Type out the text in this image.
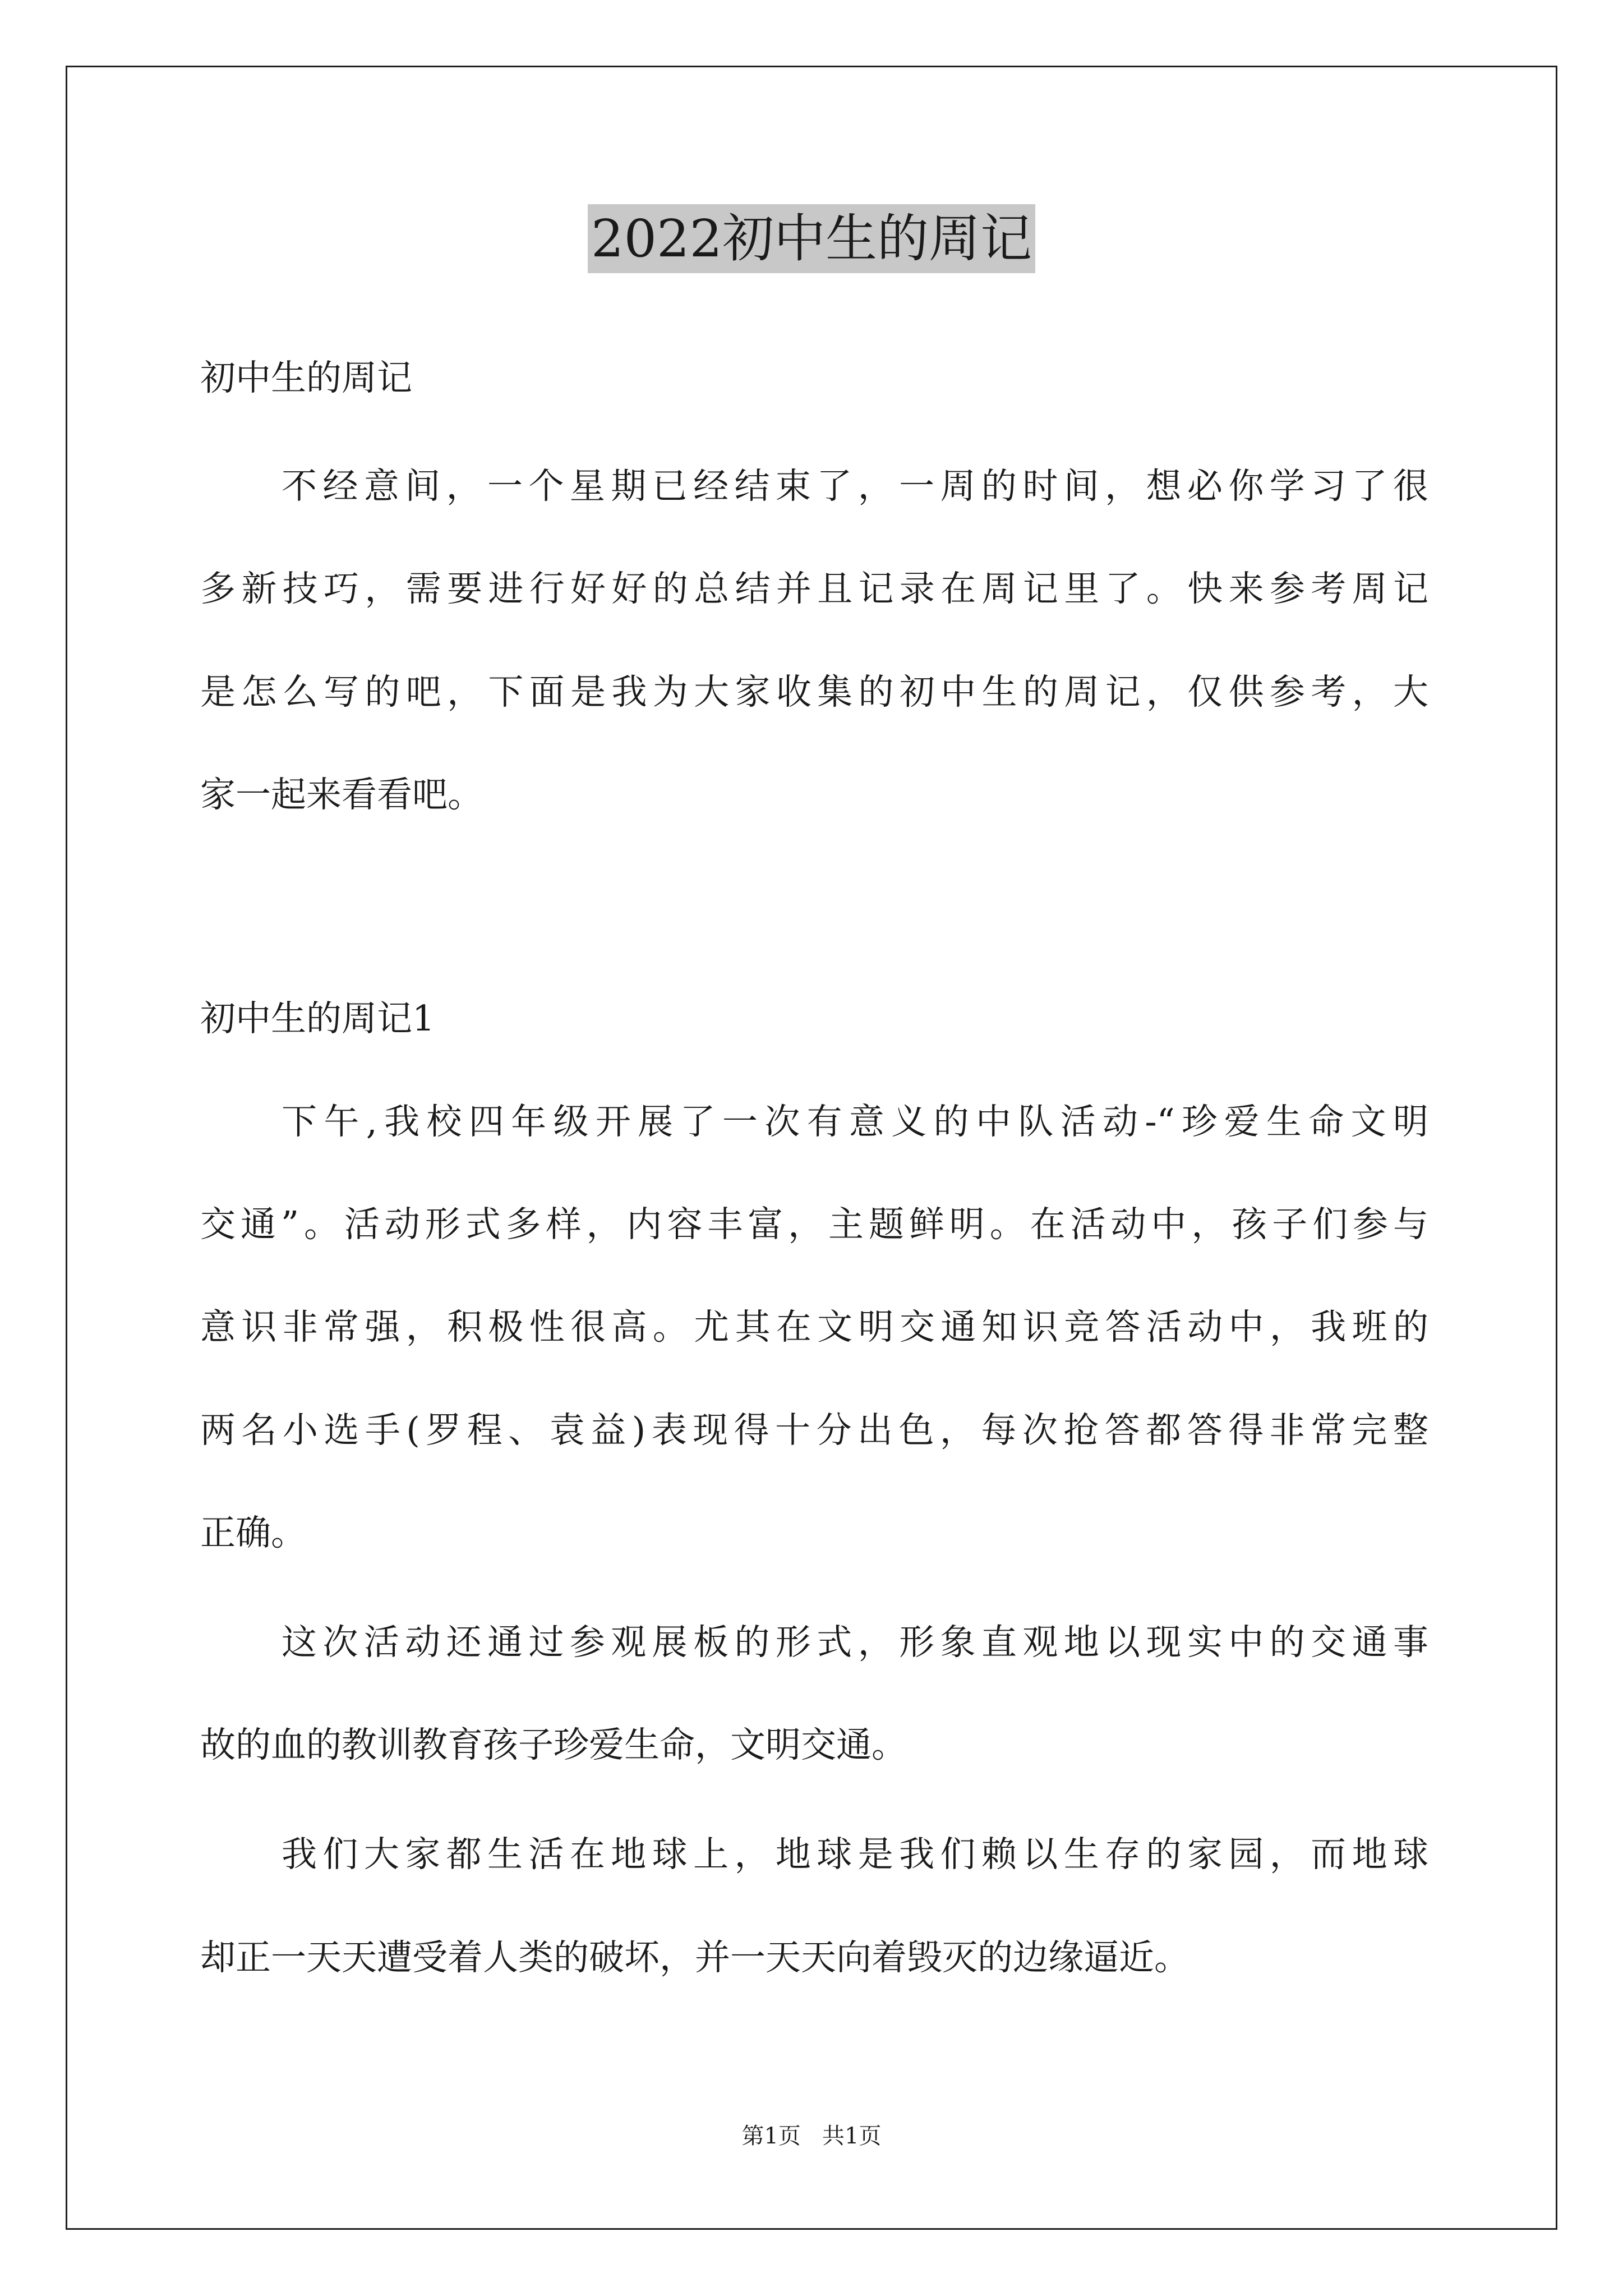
2022初中生的周记
初中生的周记
不经意间，一个星期已经结束了，一周的时间，想必你学习了很
多新技巧，需要进行好好的总结并且记录在周记里了。快来参考周记
是怎么写的吧，下面是我为大家收集的初中生的周记，仅供参考，大
家一起来看看吧。
初中生的周记1
下午,我校四年级开展了一次有意义的中队活动-“珍爱生命文明
交通”。活动形式多样，内容丰富，主题鲜明。在活动中，孩子们参与
意识非常强，积极性很高。尤其在文明交通知识竞答活动中，我班的
两名小选手(罗程、袁益)表现得十分出色，每次抢答都答得非常完整
正确。
这次活动还通过参观展板的形式，形象直观地以现实中的交通事
故的血的教训教育孩子珍爱生命，文明交通。
我们大家都生活在地球上，地球是我们赖以生存的家园，而地球
却正一天天遭受着人类的破坏，并一天天向着毁灭的边缘逼近。
第1页   共1页
